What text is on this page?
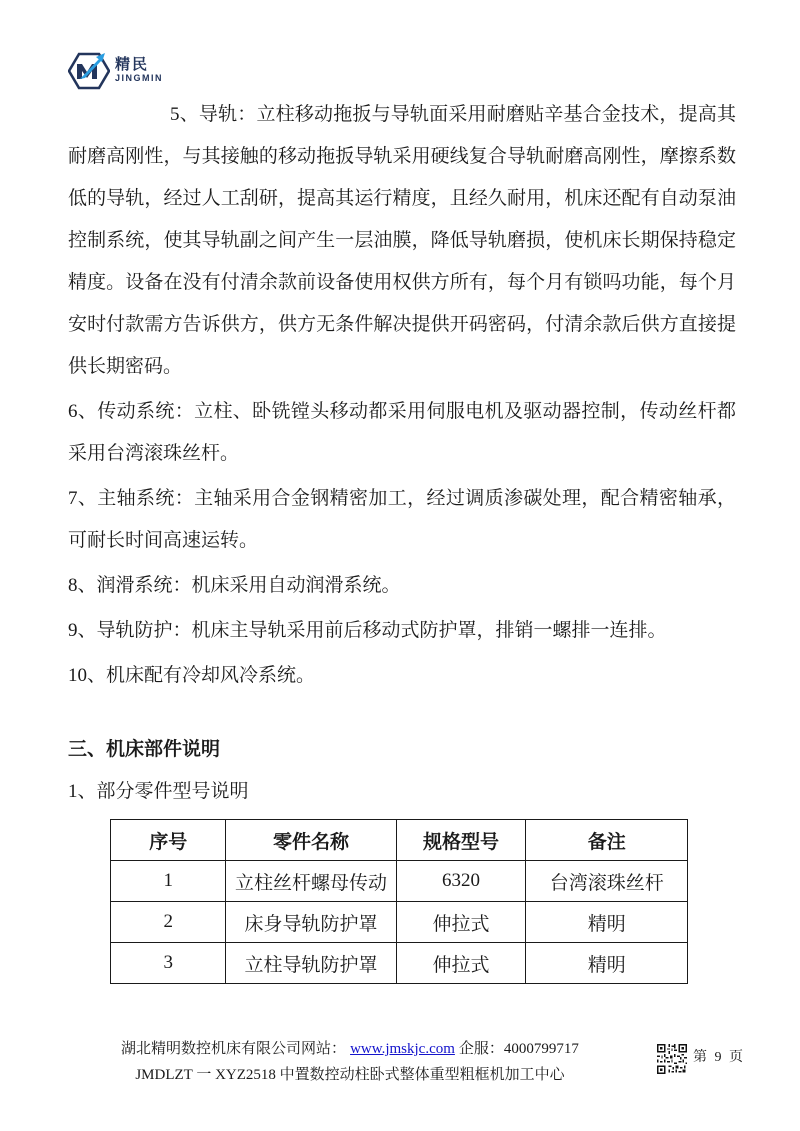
精民
JINGMIN

5、导轨：立柱移动拖扳与导轨面采用耐磨贴辛基合金技术，提高其耐磨高刚性，与其接触的移动拖扳导轨采用硬线复合导轨耐磨高刚性，摩擦系数低的导轨，经过人工刮研，提高其运行精度，且经久耐用，机床还配有自动泵油控制系统，使其导轨副之间产生一层油膜，降低导轨磨损，使机床长期保持稳定精度。设备在没有付清余款前设备使用权供方所有，每个月有锁吗功能，每个月安时付款需方告诉供方，供方无条件解决提供开码密码，付清余款后供方直接提供长期密码。

6、传动系统：立柱、卧铣镗头移动都采用伺服电机及驱动器控制，传动丝杆都采用台湾滚珠丝杆。

7、主轴系统：主轴采用合金钢精密加工，经过调质渗碳处理，配合精密轴承，可耐长时间高速运转。

8、润滑系统：机床采用自动润滑系统。

9、导轨防护：机床主导轨采用前后移动式防护罩，排销一螺排一连排。

10、机床配有冷却风冷系统。

三、机床部件说明
1、部分零件型号说明
序号	零件名称	规格型号	备注
1	立柱丝杆螺母传动	6320	台湾滚珠丝杆
2	床身导轨防护罩	伸拉式	精明
3	立柱导轨防护罩	伸拉式	精明
湖北精明数控机床有限公司网站： www.jmskjc.com 企服：4000799717
JMDLZT 一 XYZ2518 中置数控动柱卧式整体重型粗框机加工中心
第 9 页
